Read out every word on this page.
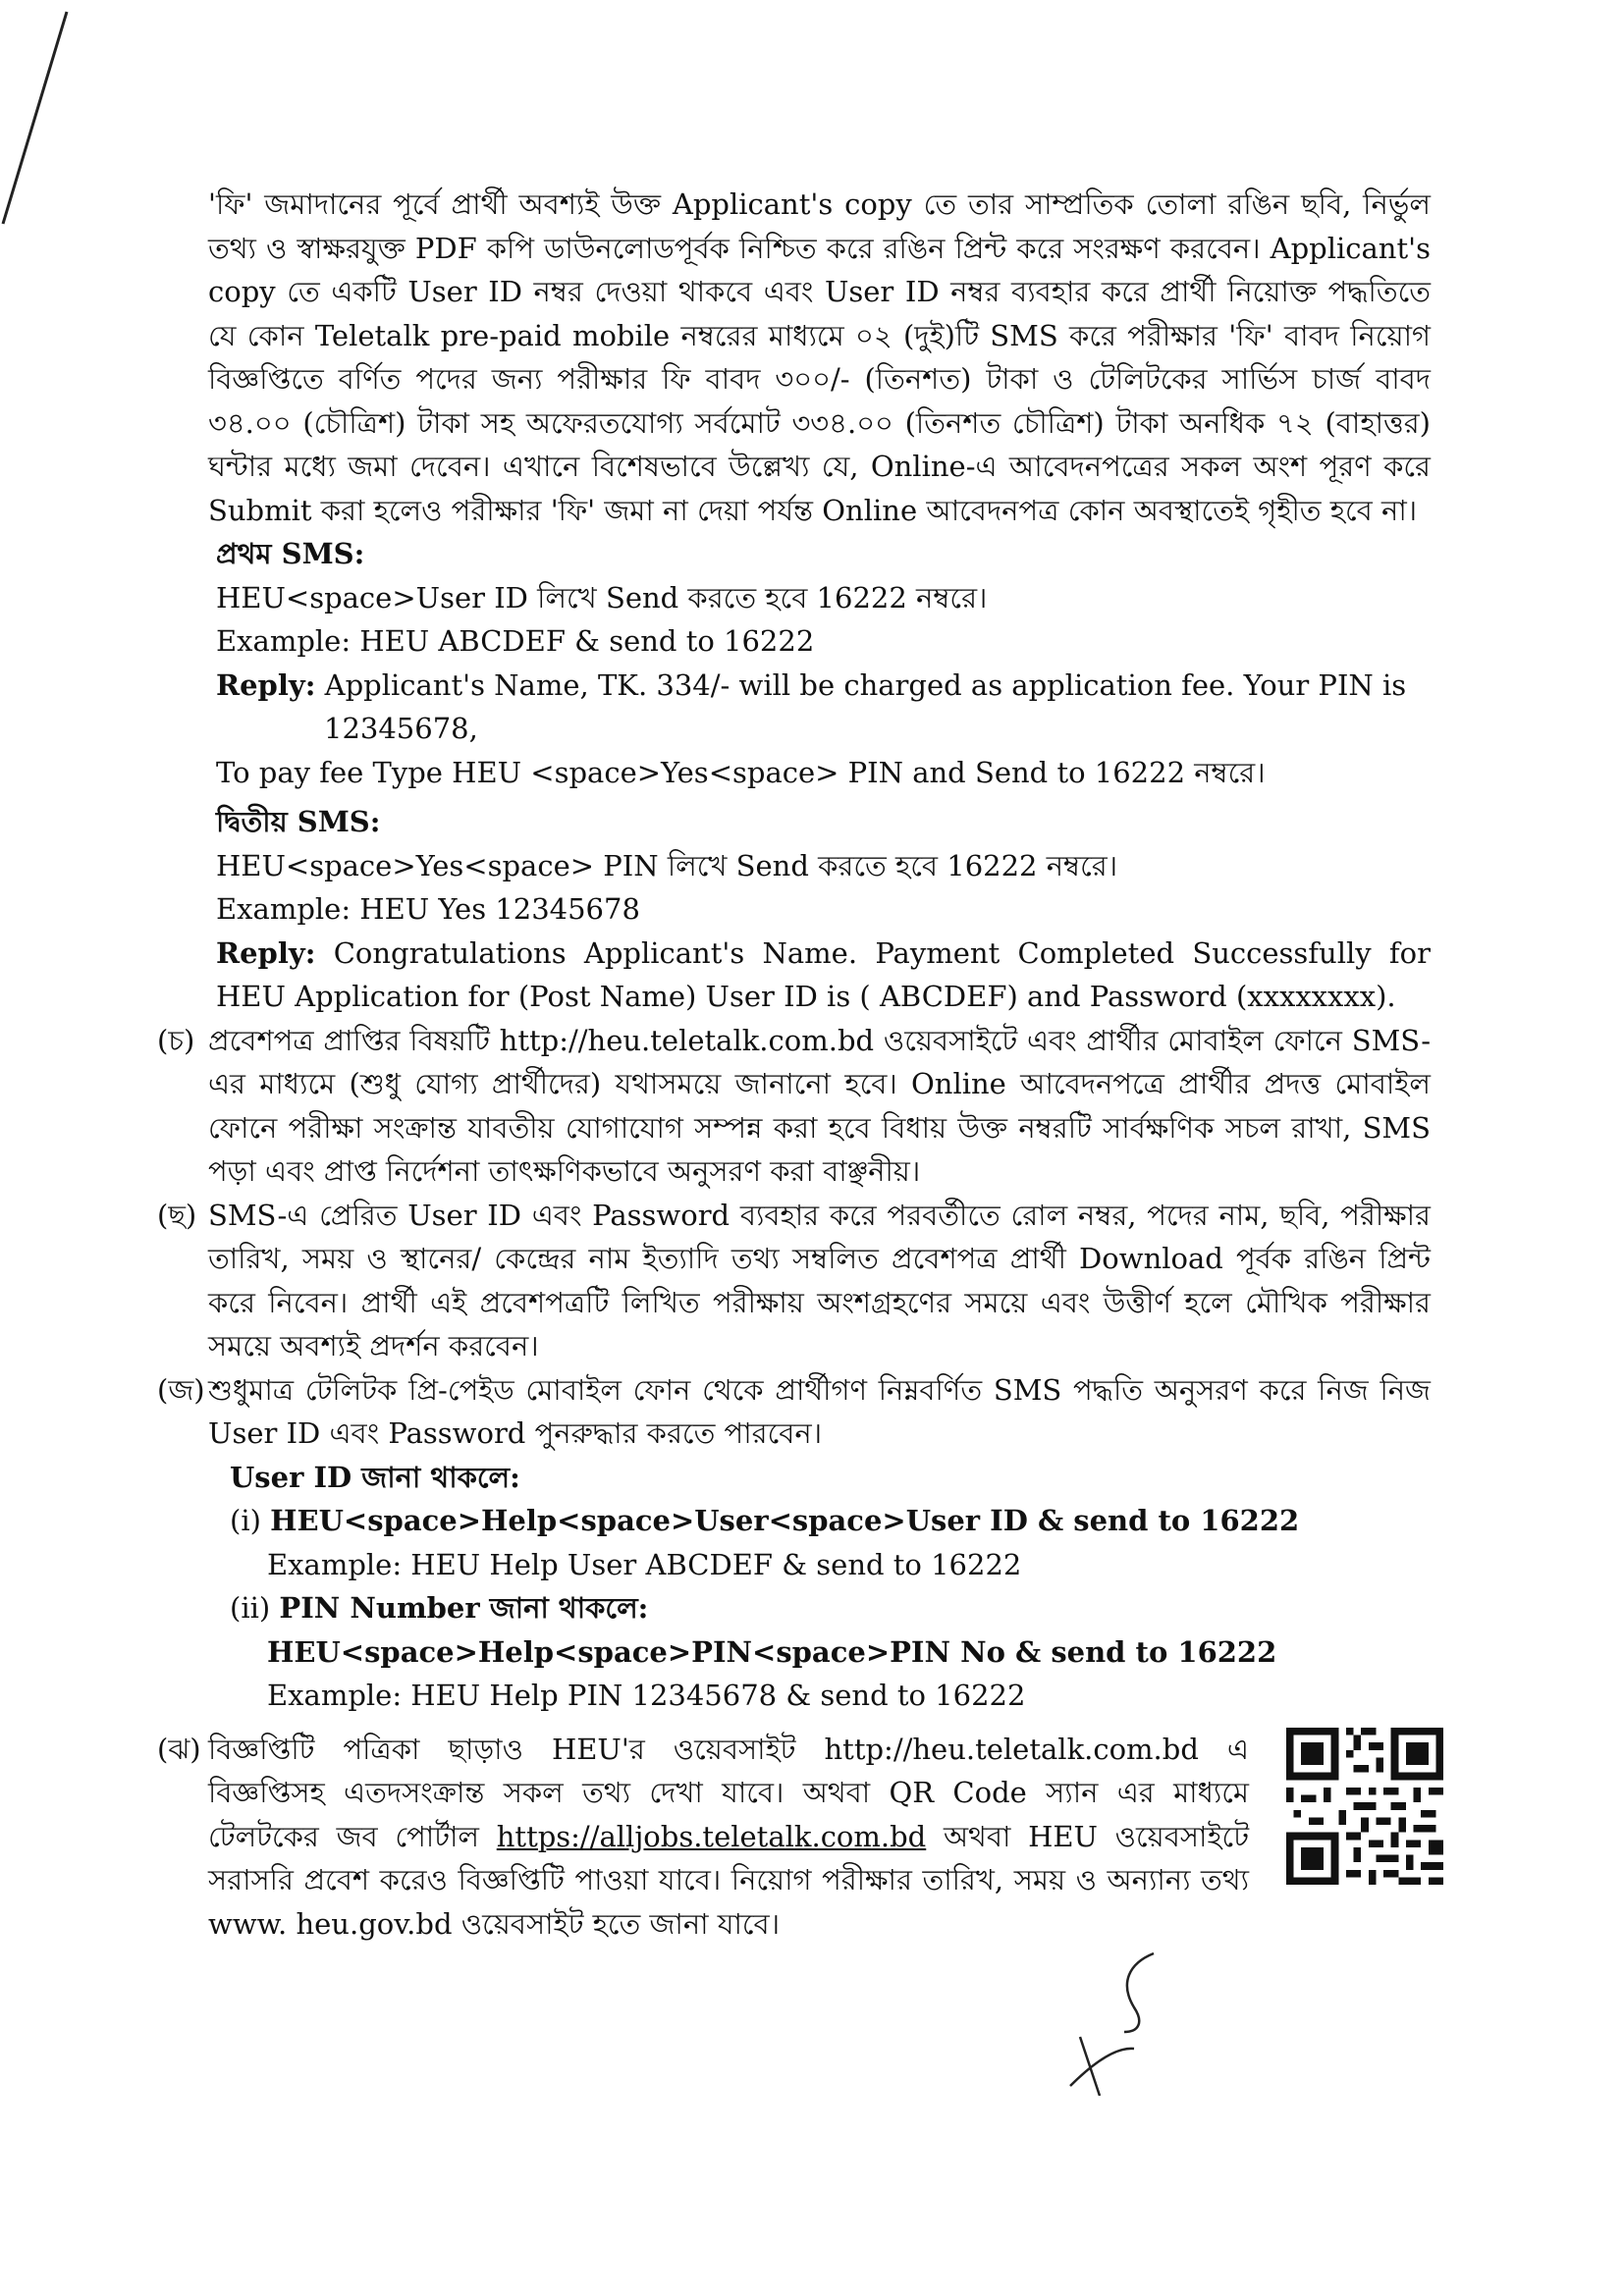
'ফি' জমাদানের পূর্বে প্রার্থী অবশ্যই উক্ত Applicant's copy তে তার সাম্প্রতিক তোলা রঙিন ছবি, নির্ভুল তথ্য ও স্বাক্ষরযুক্ত PDF কপি ডাউনলোডপূর্বক নিশ্চিত করে রঙিন প্রিন্ট করে সংরক্ষণ করবেন। Applicant's copy তে একটি User ID নম্বর দেওয়া থাকবে এবং User ID নম্বর ব্যবহার করে প্রার্থী নিয়োক্ত পদ্ধতিতে যে কোন Teletalk pre-paid mobile নম্বরের মাধ্যমে ০২ (দুই)টি SMS করে পরীক্ষার 'ফি' বাবদ নিয়োগ বিজ্ঞপ্তিতে বর্ণিত পদের জন্য পরীক্ষার ফি বাবদ ৩০০/- (তিনশত) টাকা ও টেলিটকের সার্ভিস চার্জ বাবদ ৩৪.০০ (চৌত্রিশ) টাকা সহ অফেরতযোগ্য সর্বমোট ৩৩৪.০০ (তিনশত চৌত্রিশ) টাকা অনধিক ৭২ (বাহাত্তর) ঘন্টার মধ্যে জমা দেবেন। এখানে বিশেষভাবে উল্লেখ্য যে, Online-এ আবেদনপত্রের সকল অংশ পূরণ করে Submit করা হলেও পরীক্ষার 'ফি' জমা না দেয়া পর্যন্ত Online আবেদনপত্র কোন অবস্থাতেই গৃহীত হবে না।

প্রথম SMS:

HEU<space>User ID লিখে Send করতে হবে 16222 নম্বরে।

Example: HEU ABCDEF & send to 16222

Reply: Applicant's Name, TK. 334/- will be charged as application fee. Your PIN is 12345678,

To pay fee Type HEU <space>Yes<space> PIN and Send to 16222 নম্বরে।

দ্বিতীয় SMS:

HEU<space>Yes<space> PIN লিখে Send করতে হবে 16222 নম্বরে।

Example: HEU Yes 12345678

Reply: Congratulations Applicant's Name. Payment Completed Successfully for HEU Application for (Post Name) User ID is ( ABCDEF) and Password (xxxxxxxx).

(চ) প্রবেশপত্র প্রাপ্তির বিষয়টি http://heu.teletalk.com.bd ওয়েবসাইটে এবং প্রার্থীর মোবাইল ফোনে SMS- এর মাধ্যমে (শুধু যোগ্য প্রার্থীদের) যথাসময়ে জানানো হবে। Online আবেদনপত্রে প্রার্থীর প্রদত্ত মোবাইল ফোনে পরীক্ষা সংক্রান্ত যাবতীয় যোগাযোগ সম্পন্ন করা হবে বিধায় উক্ত নম্বরটি সার্বক্ষণিক সচল রাখা, SMS পড়া এবং প্রাপ্ত নির্দেশনা তাৎক্ষণিকভাবে অনুসরণ করা বাঞ্ছনীয়।

(ছ) SMS-এ প্রেরিত User ID এবং Password ব্যবহার করে পরবর্তীতে রোল নম্বর, পদের নাম, ছবি, পরীক্ষার তারিখ, সময় ও স্থানের/ কেন্দ্রের নাম ইত্যাদি তথ্য সম্বলিত প্রবেশপত্র প্রার্থী Download পূর্বক রঙিন প্রিন্ট করে নিবেন। প্রার্থী এই প্রবেশপত্রটি লিখিত পরীক্ষায় অংশগ্রহণের সময়ে এবং উত্তীর্ণ হলে মৌখিক পরীক্ষার সময়ে অবশ্যই প্রদর্শন করবেন।

(জ) শুধুমাত্র টেলিটক প্রি-পেইড মোবাইল ফোন থেকে প্রার্থীগণ নিম্নবর্ণিত SMS পদ্ধতি অনুসরণ করে নিজ নিজ User ID এবং Password পুনরুদ্ধার করতে পারবেন।

User ID জানা থাকলে:

(i) HEU<space>Help<space>User<space>User ID & send to 16222

Example: HEU Help User ABCDEF & send to 16222

(ii) PIN Number জানা থাকলে:

HEU<space>Help<space>PIN<space>PIN No & send to 16222

Example: HEU Help PIN 12345678 & send to 16222

(ঝ) বিজ্ঞপ্তিটি পত্রিকা ছাড়াও HEU'র ওয়েবসাইট http://heu.teletalk.com.bd এ বিজ্ঞপ্তিসহ এতদসংক্রান্ত সকল তথ্য দেখা যাবে। অথবা QR Code স্যান এর মাধ্যমে টেলটকের জব পোর্টাল https://alljobs.teletalk.com.bd অথবা HEU ওয়েবসাইটে সরাসরি প্রবেশ করেও বিজ্ঞপ্তিটি পাওয়া যাবে। নিয়োগ পরীক্ষার তারিখ, সময় ও অন্যান্য তথ্য www. heu.gov.bd ওয়েবসাইট হতে জানা যাবে।
